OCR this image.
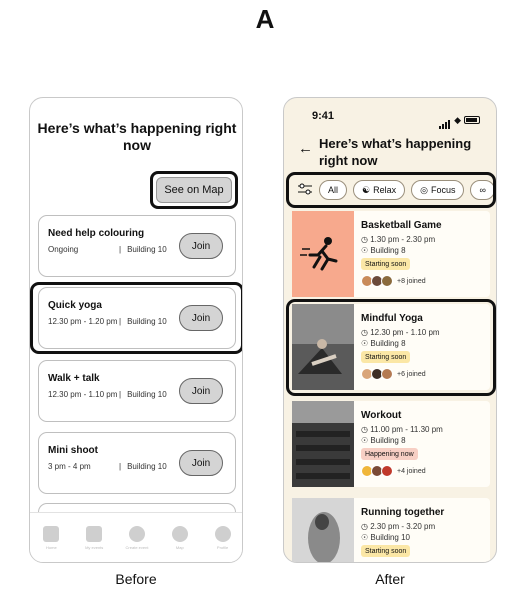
A
Here’s what’s happening right now
See on Map
Need help colouring
Ongoing	| Building 10	Join
Quick yoga
12.30 pm - 1.20 pm	| Building 10	Join
Walk + talk
12.30 pm - 1.10 pm	| Building 10	Join
Mini shoot
3 pm - 4 pm	| Building 10	Join
Home	My events	Create event	Map	Profile
9:41	◆
← Here’s what’s happening right now
All	☯ Relax	◎ Focus	∞
Basketball Game
◷ 1.30 pm - 2.30 pm
☉ Building 8
Starting soon
+8 joined
Mindful Yoga
◷ 12.30 pm - 1.10 pm
☉ Building 8
Starting soon
+6 joined
Workout
◷ 11.00 pm - 11.30 pm
☉ Building 8
Happening now
+4 joined
Running together
◷ 2.30 pm - 3.20 pm
☉ Building 10
Starting soon
Before	After
